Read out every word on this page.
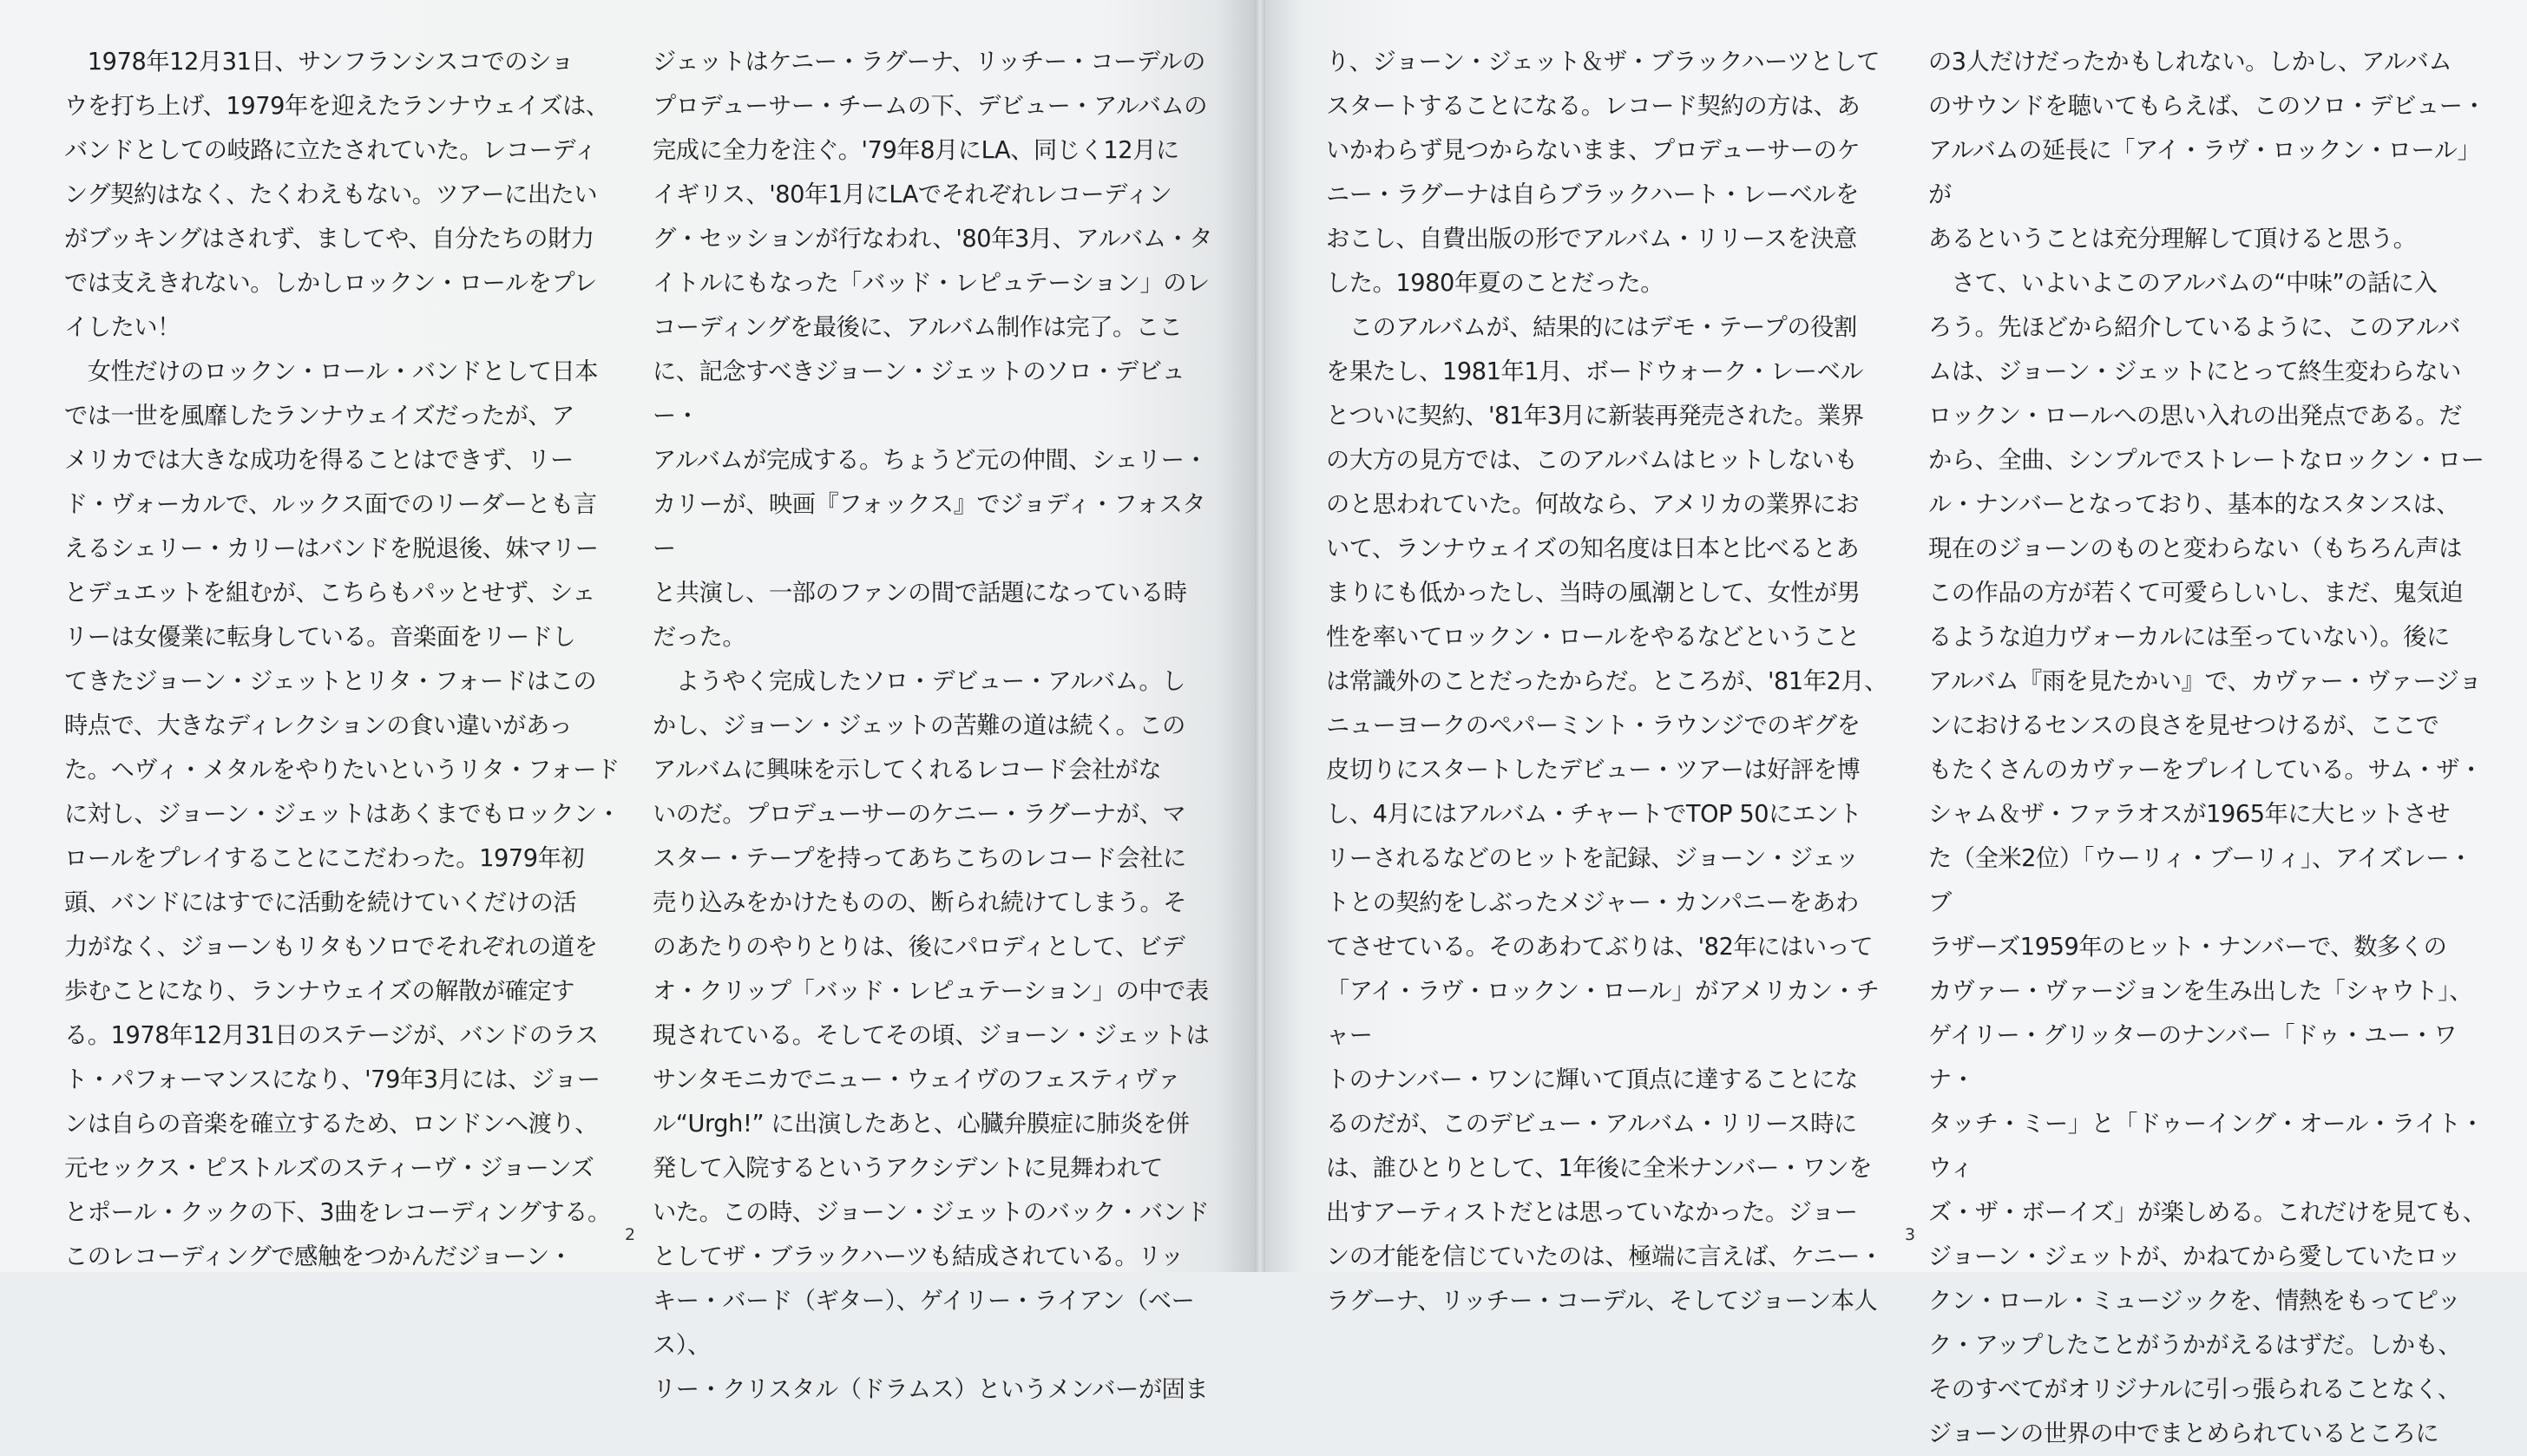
　1978年12月31日、サンフランシスコでのショ
ウを打ち上げ、1979年を迎えたランナウェイズは、
バンドとしての岐路に立たされていた。レコーディ
ング契約はなく、たくわえもない。ツアーに出たい
がブッキングはされず、ましてや、自分たちの財力
では支えきれない。しかしロックン・ロールをプレ
イしたい！

　女性だけのロックン・ロール・バンドとして日本
では一世を風靡したランナウェイズだったが、ア
メリカでは大きな成功を得ることはできず、リー
ド・ヴォーカルで、ルックス面でのリーダーとも言
えるシェリー・カリーはバンドを脱退後、妹マリー
とデュエットを組むが、こちらもパッとせず、シェ
リーは女優業に転身している。音楽面をリードし
てきたジョーン・ジェットとリタ・フォードはこの
時点で、大きなディレクションの食い違いがあっ
た。ヘヴィ・メタルをやりたいというリタ・フォード
に対し、ジョーン・ジェットはあくまでもロックン・
ロールをプレイすることにこだわった。1979年初
頭、バンドにはすでに活動を続けていくだけの活
力がなく、ジョーンもリタもソロでそれぞれの道を
歩むことになり、ランナウェイズの解散が確定す
る。1978年12月31日のステージが、バンドのラス
ト・パフォーマンスになり、'79年3月には、ジョー
ンは自らの音楽を確立するため、ロンドンへ渡り、
元セックス・ピストルズのスティーヴ・ジョーンズ
とポール・クックの下、3曲をレコーディングする。
このレコーディングで感触をつかんだジョーン・

ジェットはケニー・ラグーナ、リッチー・コーデルの
プロデューサー・チームの下、デビュー・アルバムの
完成に全力を注ぐ。'79年8月にLA、同じく12月に
イギリス、'80年1月にLAでそれぞれレコーディン
グ・セッションが行なわれ、'80年3月、アルバム・タ
イトルにもなった「バッド・レピュテーション」のレ
コーディングを最後に、アルバム制作は完了。ここ
に、記念すべきジョーン・ジェットのソロ・デビュー・
アルバムが完成する。ちょうど元の仲間、シェリー・
カリーが、映画『フォックス』でジョディ・フォスター
と共演し、一部のファンの間で話題になっている時
だった。

　ようやく完成したソロ・デビュー・アルバム。し
かし、ジョーン・ジェットの苦難の道は続く。この
アルバムに興味を示してくれるレコード会社がな
いのだ。プロデューサーのケニー・ラグーナが、マ
スター・テープを持ってあちこちのレコード会社に
売り込みをかけたものの、断られ続けてしまう。そ
のあたりのやりとりは、後にパロディとして、ビデ
オ・クリップ「バッド・レピュテーション」の中で表
現されている。そしてその頃、ジョーン・ジェットは
サンタモニカでニュー・ウェイヴのフェスティヴァ
ル“Urgh!” に出演したあと、心臓弁膜症に肺炎を併
発して入院するというアクシデントに見舞われて
いた。この時、ジョーン・ジェットのバック・バンド
としてザ・ブラックハーツも結成されている。リッ
キー・バード（ギター）、ゲイリー・ライアン（ベース）、
リー・クリスタル（ドラムス）というメンバーが固ま

2

り、ジョーン・ジェット＆ザ・ブラックハーツとして
スタートすることになる。レコード契約の方は、あ
いかわらず見つからないまま、プロデューサーのケ
ニー・ラグーナは自らブラックハート・レーベルを
おこし、自費出版の形でアルバム・リリースを決意
した。1980年夏のことだった。

　このアルバムが、結果的にはデモ・テープの役割
を果たし、1981年1月、ボードウォーク・レーベル
とついに契約、'81年3月に新装再発売された。業界
の大方の見方では、このアルバムはヒットしないも
のと思われていた。何故なら、アメリカの業界にお
いて、ランナウェイズの知名度は日本と比べるとあ
まりにも低かったし、当時の風潮として、女性が男
性を率いてロックン・ロールをやるなどということ
は常識外のことだったからだ。ところが、'81年2月、
ニューヨークのペパーミント・ラウンジでのギグを
皮切りにスタートしたデビュー・ツアーは好評を博
し、4月にはアルバム・チャートでTOP 50にエント
リーされるなどのヒットを記録、ジョーン・ジェッ
トとの契約をしぶったメジャー・カンパニーをあわ
てさせている。そのあわてぶりは、'82年にはいって
「アイ・ラヴ・ロックン・ロール」がアメリカン・チャー
トのナンバー・ワンに輝いて頂点に達することにな
るのだが、このデビュー・アルバム・リリース時に
は、誰ひとりとして、1年後に全米ナンバー・ワンを
出すアーティストだとは思っていなかった。ジョー
ンの才能を信じていたのは、極端に言えば、ケニー・
ラグーナ、リッチー・コーデル、そしてジョーン本人

の3人だけだったかもしれない。しかし、アルバム
のサウンドを聴いてもらえば、このソロ・デビュー・
アルバムの延長に「アイ・ラヴ・ロックン・ロール」が
あるということは充分理解して頂けると思う。

　さて、いよいよこのアルバムの“中味”の話に入
ろう。先ほどから紹介しているように、このアルバ
ムは、ジョーン・ジェットにとって終生変わらない
ロックン・ロールへの思い入れの出発点である。だ
から、全曲、シンプルでストレートなロックン・ロー
ル・ナンバーとなっており、基本的なスタンスは、
現在のジョーンのものと変わらない（もちろん声は
この作品の方が若くて可愛らしいし、まだ、鬼気迫
るような迫力ヴォーカルには至っていない）。後に
アルバム『雨を見たかい』で、カヴァー・ヴァージョ
ンにおけるセンスの良さを見せつけるが、ここで
もたくさんのカヴァーをプレイしている。サム・ザ・
シャム＆ザ・ファラオスが1965年に大ヒットさせ
た（全米2位）「ウーリィ・ブーリィ」、アイズレー・ブ
ラザーズ1959年のヒット・ナンバーで、数多くの
カヴァー・ヴァージョンを生み出した「シャウト」、
ゲイリー・グリッターのナンバー「ドゥ・ユー・ワナ・
タッチ・ミー」と「ドゥーイング・オール・ライト・ウィ
ズ・ザ・ボーイズ」が楽しめる。これだけを見ても、
ジョーン・ジェットが、かねてから愛していたロッ
クン・ロール・ミュージックを、情熱をもってピッ
ク・アップしたことがうかがえるはずだ。しかも、
そのすべてがオリジナルに引っ張られることなく、
ジョーンの世界の中でまとめられているところに

3
